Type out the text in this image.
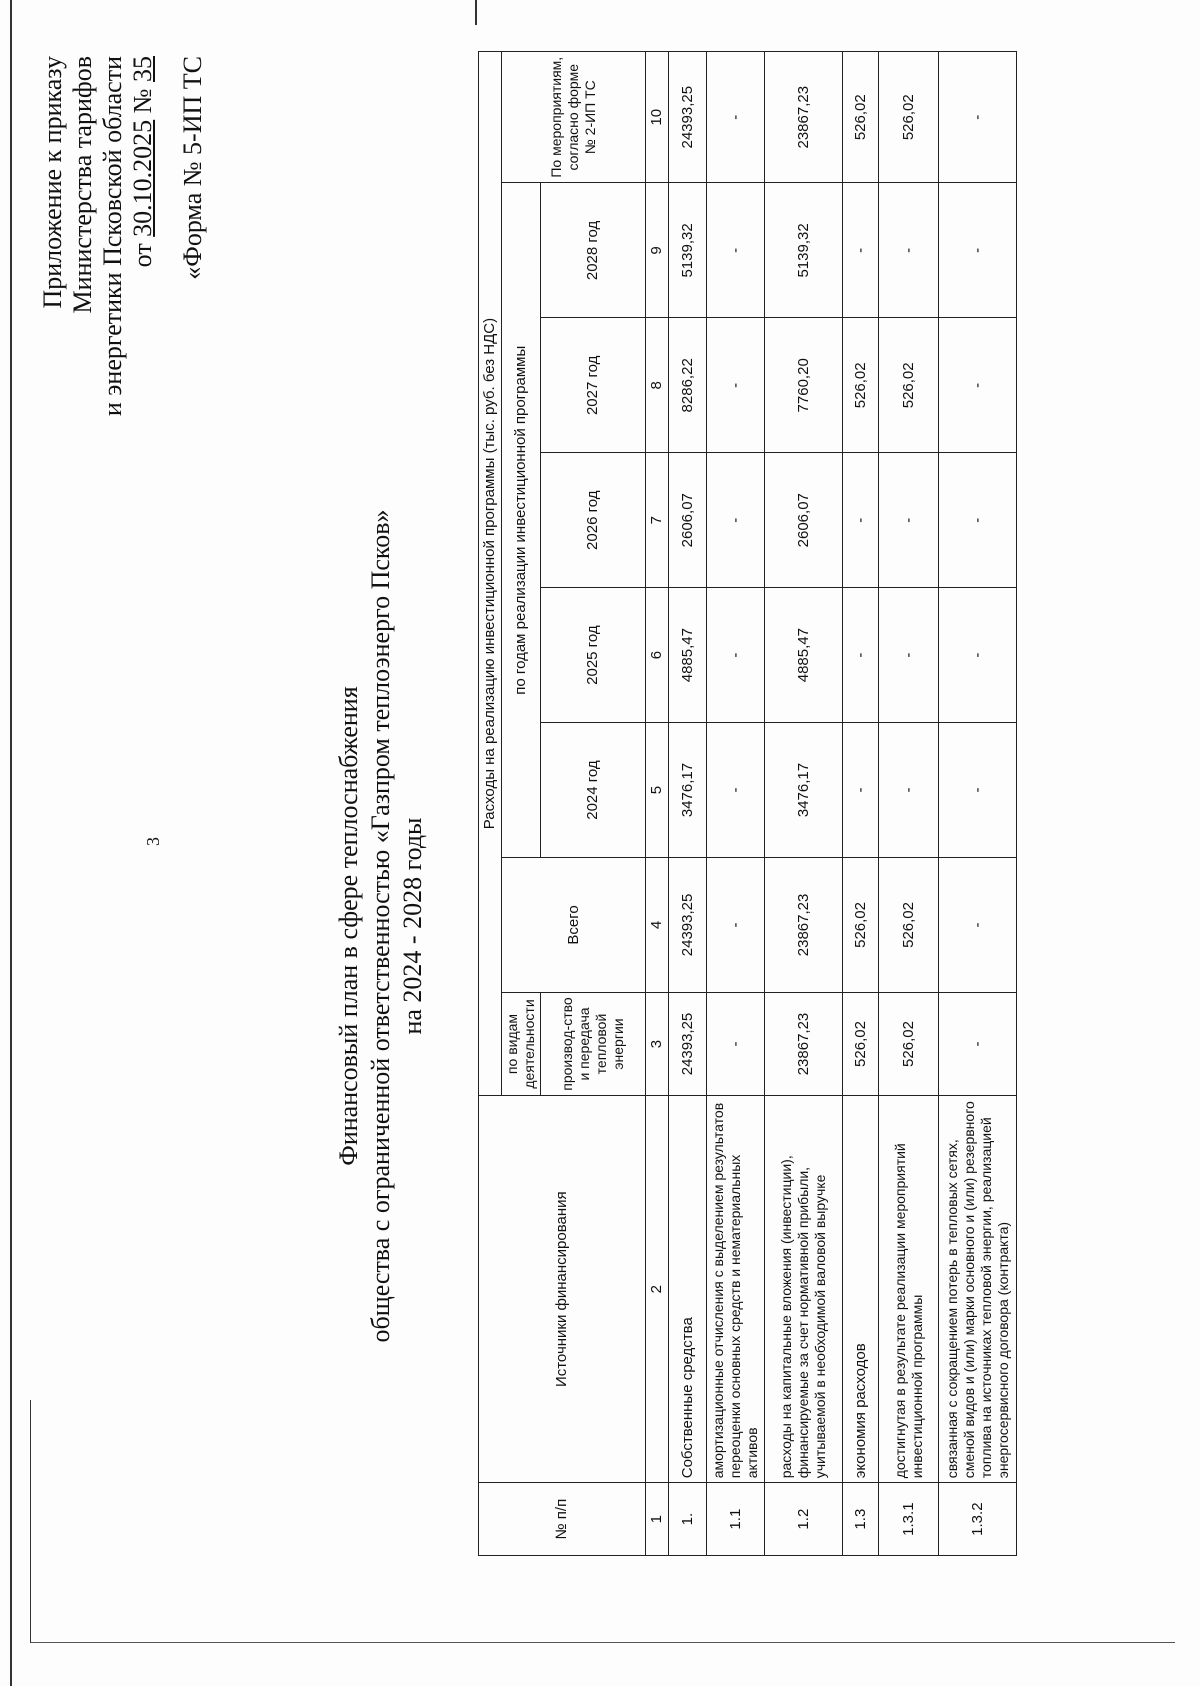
3
Приложение к приказу Министерства тарифов и энергетики Псковской области от 30.10.2025 № 35 «Форма № 5-ИП ТС
Финансовый план в сфере теплоснабжения общества с ограниченной ответственностью «Газпром теплоэнерго Псков» на 2024 - 2028 годы
№ п/п	Источники финансирования	Расходы на реализацию инвестиционной программы (тыс. руб. без НДС)							
		по видам деятельности	Всего	по годам реализации инвестиционной программы					По мероприятиям, согласно форме № 2-ИП ТС
		производ-ство и передача тепловой энергии		2024 год	2025 год	2026 год	2027 год	2028 год	
1	2	3	4	5	6	7	8	9	10
1.	Собственные средства	24393,25	24393,25	3476,17	4885,47	2606,07	8286,22	5139,32	24393,25
1.1	амортизационные отчисления с выделением результатов переоценки основных средств и нематериальных активов	-	-	-	-	-	-	-	-
1.2	расходы на капитальные вложения (инвестиции), финансируемые за счет нормативной прибыли, учитываемой в необходимой валовой выручке	23867,23	23867,23	3476,17	4885,47	2606,07	7760,20	5139,32	23867,23
1.3	экономия расходов	526,02	526,02	-	-	-	526,02	-	526,02
1.3.1	достигнутая в результате реализации мероприятий инвестиционной программы	526,02	526,02	-	-	-	526,02	-	526,02
1.3.2	связанная с сокращением потерь в тепловых сетях, сменой видов и (или) марки основного и (или) резервного топлива на источниках тепловой энергии, реализацией энергосервисного договора (контракта)	-	-	-	-	-	-	-	-
